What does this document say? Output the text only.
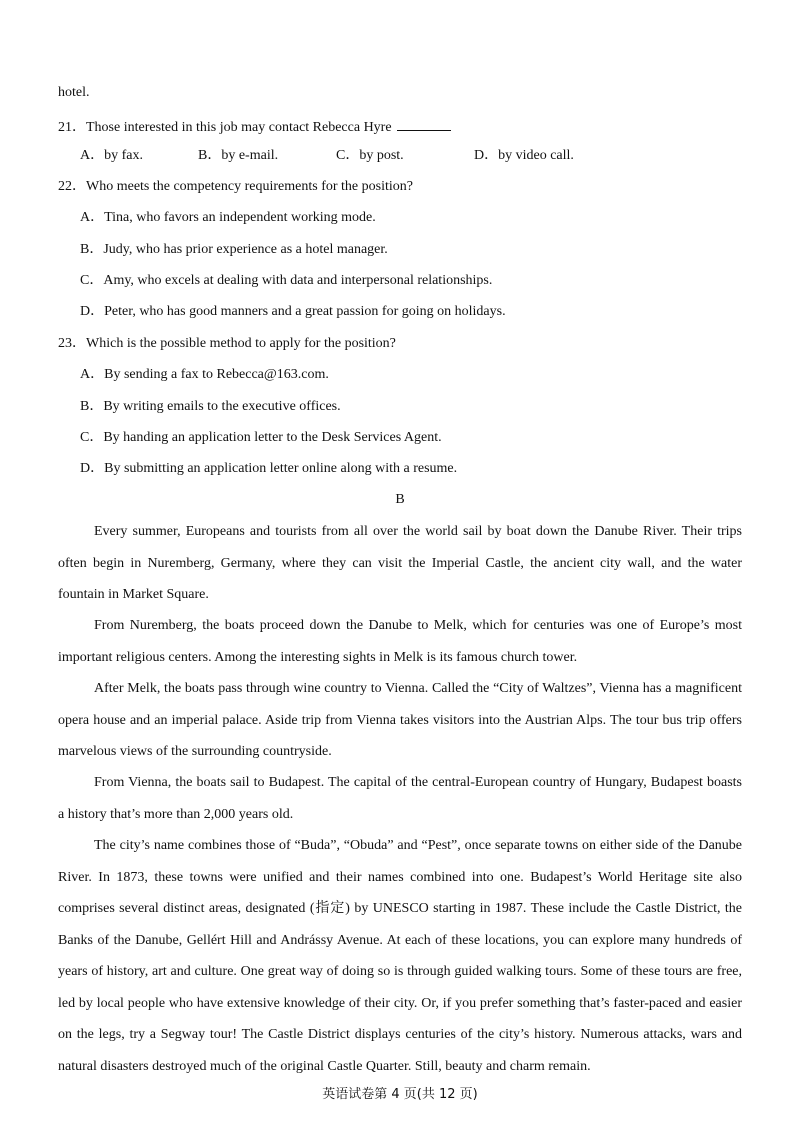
hotel.
21．Those interested in this job may contact Rebecca Hyre
A．by fax.	B．by e-mail.	C．by post.	D．by video call.
22．Who meets the competency requirements for the position?
A．Tina, who favors an independent working mode.
B．Judy, who has prior experience as a hotel manager.
C．Amy, who excels at dealing with data and interpersonal relationships.
D．Peter, who has good manners and a great passion for going on holidays.
23．Which is the possible method to apply for the position?
A．By sending a fax to Rebecca@163.com.
B．By writing emails to the executive offices.
C．By handing an application letter to the Desk Services Agent.
D．By submitting an application letter online along with a resume.
B
Every summer, Europeans and tourists from all over the world sail by boat down the Danube River. Their trips often begin in Nuremberg, Germany, where they can visit the Imperial Castle, the ancient city wall, and the water fountain in Market Square.
From Nuremberg, the boats proceed down the Danube to Melk, which for centuries was one of Europe’s most important religious centers. Among the interesting sights in Melk is its famous church tower.
After Melk, the boats pass through wine country to Vienna. Called the “City of Waltzes”, Vienna has a magnificent opera house and an imperial palace. Aside trip from Vienna takes visitors into the Austrian Alps. The tour bus trip offers marvelous views of the surrounding countryside.
From Vienna, the boats sail to Budapest. The capital of the central-European country of Hungary, Budapest boasts a history that’s more than 2,000 years old.
The city’s name combines those of “Buda”, “Obuda” and “Pest”, once separate towns on either side of the Danube River. In 1873, these towns were unified and their names combined into one. Budapest’s World Heritage site also comprises several distinct areas, designated (指定) by UNESCO starting in 1987. These include the Castle District, the Banks of the Danube, Gellért Hill and Andrássy Avenue. At each of these locations, you can explore many hundreds of years of history, art and culture. One great way of doing so is through guided walking tours. Some of these tours are free, led by local people who have extensive knowledge of their city. Or, if you prefer something that’s faster-paced and easier on the legs, try a Segway tour! The Castle District displays centuries of the city’s history. Numerous attacks, wars and natural disasters destroyed much of the original Castle Quarter. Still, beauty and charm remain.
英语试卷第 4 页(共 12 页)
